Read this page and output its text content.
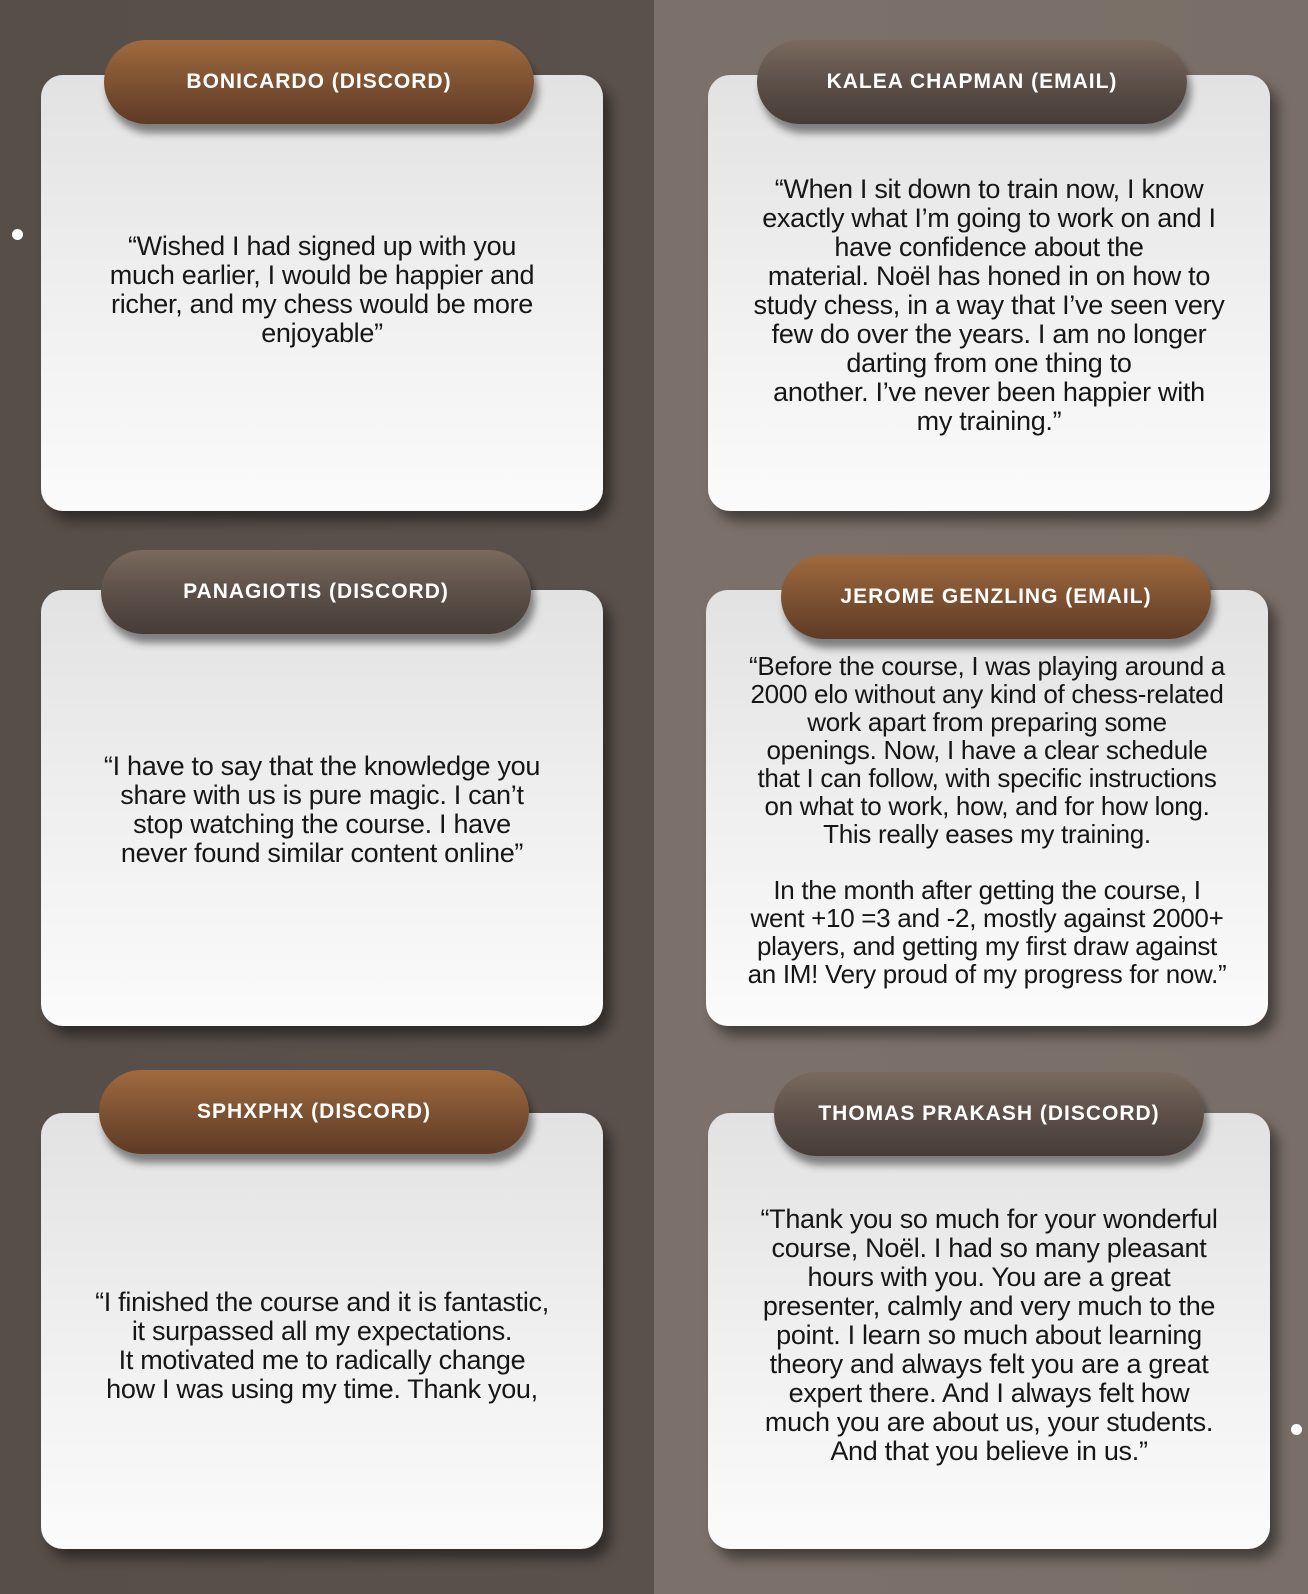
“Wished I had signed up with you
much earlier, I would be happier and
richer, and my chess would be more
enjoyable”
BONICARDO (DISCORD)
“When I sit down to train now, I know
exactly what I’m going to work on and I
have confidence about the
material. Noël has honed in on how to
study chess, in a way that I’ve seen very
few do over the years. I am no longer
darting from one thing to
another. I’ve never been happier with
my training.”
KALEA CHAPMAN (EMAIL)
“I have to say that the knowledge you
share with us is pure magic. I can’t
stop watching the course. I have
never found similar content online”
PANAGIOTIS (DISCORD)
“Before the course, I was playing around a
2000 elo without any kind of chess-related
work apart from preparing some
openings. Now, I have a clear schedule
that I can follow, with specific instructions
on what to work, how, and for how long.
This really eases my training.

In the month after getting the course, I
went +10 =3 and -2, mostly against 2000+
players, and getting my first draw against
an IM! Very proud of my progress for now.”
JEROME GENZLING (EMAIL)
“I finished the course and it is fantastic,
it surpassed all my expectations.
It motivated me to radically change
how I was using my time. Thank you,
SPHXPHX (DISCORD)
“Thank you so much for your wonderful
course, Noël. I had so many pleasant
hours with you. You are a great
presenter, calmly and very much to the
point. I learn so much about learning
theory and always felt you are a great
expert there. And I always felt how
much you are about us, your students.
And that you believe in us.”
THOMAS PRAKASH (DISCORD)
